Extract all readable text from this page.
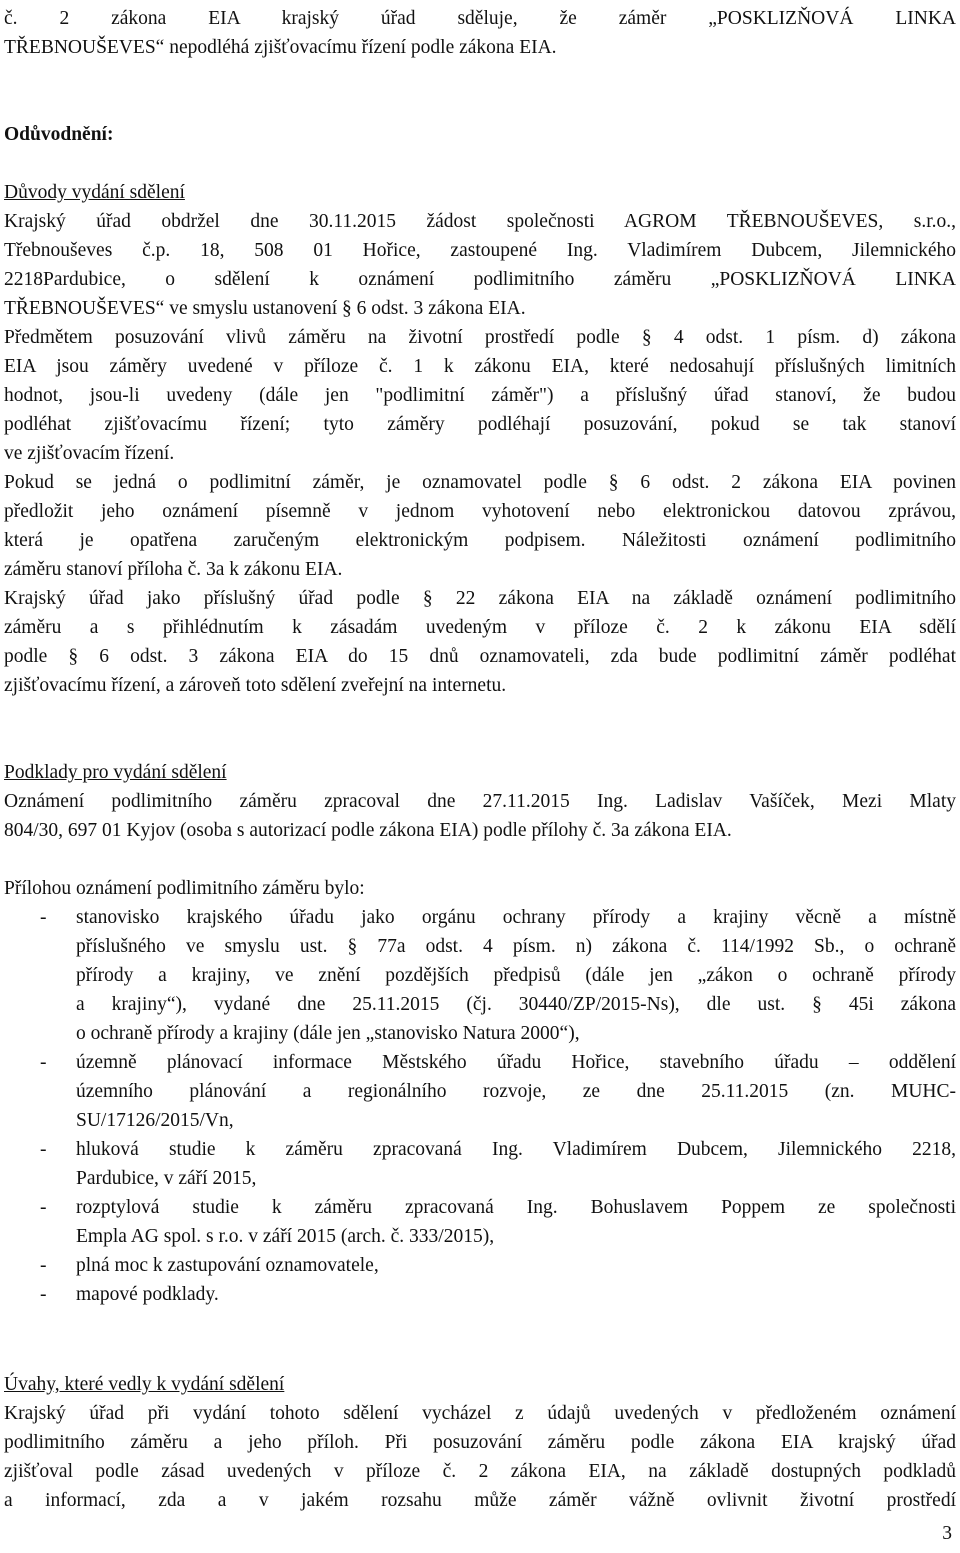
č. 2 zákona EIA krajský úřad sděluje, že záměr „POSKLIZŇOVÁ LINKA

TŘEBNOUŠEVES“ nepodléhá zjišťovacímu řízení podle zákona EIA.

Odůvodnění:

Důvody vydání sdělení

Krajský úřad obdržel dne 30.11.2015 žádost společnosti AGROM TŘEBNOUŠEVES, s.r.o.,

Třebnouševes č.p. 18, 508 01 Hořice, zastoupené Ing. Vladimírem Dubcem, Jilemnického

2218Pardubice, o sdělení k oznámení podlimitního záměru „POSKLIZŇOVÁ LINKA

TŘEBNOUŠEVES“ ve smyslu ustanovení § 6 odst. 3 zákona EIA.

Předmětem posuzování vlivů záměru na životní prostředí podle § 4 odst. 1 písm. d) zákona

EIA jsou záměry uvedené v příloze č. 1 k zákonu EIA, které nedosahují příslušných limitních

hodnot, jsou-li uvedeny (dále jen "podlimitní záměr") a příslušný úřad stanoví, že budou

podléhat zjišťovacímu řízení; tyto záměry podléhají posuzování, pokud se tak stanoví

ve zjišťovacím řízení.

Pokud se jedná o podlimitní záměr, je oznamovatel podle § 6 odst. 2 zákona EIA povinen

předložit jeho oznámení písemně v jednom vyhotovení nebo elektronickou datovou zprávou,

která je opatřena zaručeným elektronickým podpisem. Náležitosti oznámení podlimitního

záměru stanoví příloha č. 3a k zákonu EIA.

Krajský úřad jako příslušný úřad podle § 22 zákona EIA na základě oznámení podlimitního

záměru a s přihlédnutím k zásadám uvedeným v příloze č. 2 k zákonu EIA sdělí

podle § 6 odst. 3 zákona EIA do 15 dnů oznamovateli, zda bude podlimitní záměr podléhat

zjišťovacímu řízení, a zároveň toto sdělení zveřejní na internetu.

Podklady pro vydání sdělení

Oznámení podlimitního záměru zpracoval dne 27.11.2015 Ing. Ladislav Vašíček, Mezi Mlaty

804/30, 697 01 Kyjov (osoba s autorizací podle zákona EIA) podle přílohy č. 3a zákona EIA.

Přílohou oznámení podlimitního záměru bylo:

- stanovisko krajského úřadu jako orgánu ochrany přírody a krajiny věcně a místně

příslušného ve smyslu ust. § 77a odst. 4 písm. n) zákona č. 114/1992 Sb., o ochraně

přírody a krajiny, ve znění pozdějších předpisů (dále jen „zákon o ochraně přírody

a krajiny“), vydané dne 25.11.2015 (čj. 30440/ZP/2015-Ns), dle ust. § 45i zákona

o ochraně přírody a krajiny (dále jen „stanovisko Natura 2000“),

- územně plánovací informace Městského úřadu Hořice, stavebního úřadu – oddělení

územního plánování a regionálního rozvoje, ze dne 25.11.2015 (zn. MUHC-

SU/17126/2015/Vn,

- hluková studie k záměru zpracovaná Ing. Vladimírem Dubcem, Jilemnického 2218,

Pardubice, v září 2015,

- rozptylová studie k záměru zpracovaná Ing. Bohuslavem Poppem ze společnosti

Empla AG spol. s r.o. v září 2015 (arch. č. 333/2015),

- plná moc k zastupování oznamovatele,

- mapové podklady.

Úvahy, které vedly k vydání sdělení

Krajský úřad při vydání tohoto sdělení vycházel z údajů uvedených v předloženém oznámení

podlimitního záměru a jeho příloh. Při posuzování záměru podle zákona EIA krajský úřad

zjišťoval podle zásad uvedených v příloze č. 2 zákona EIA, na základě dostupných podkladů

a informací, zda a v jakém rozsahu může záměr vážně ovlivnit životní prostředí

3
